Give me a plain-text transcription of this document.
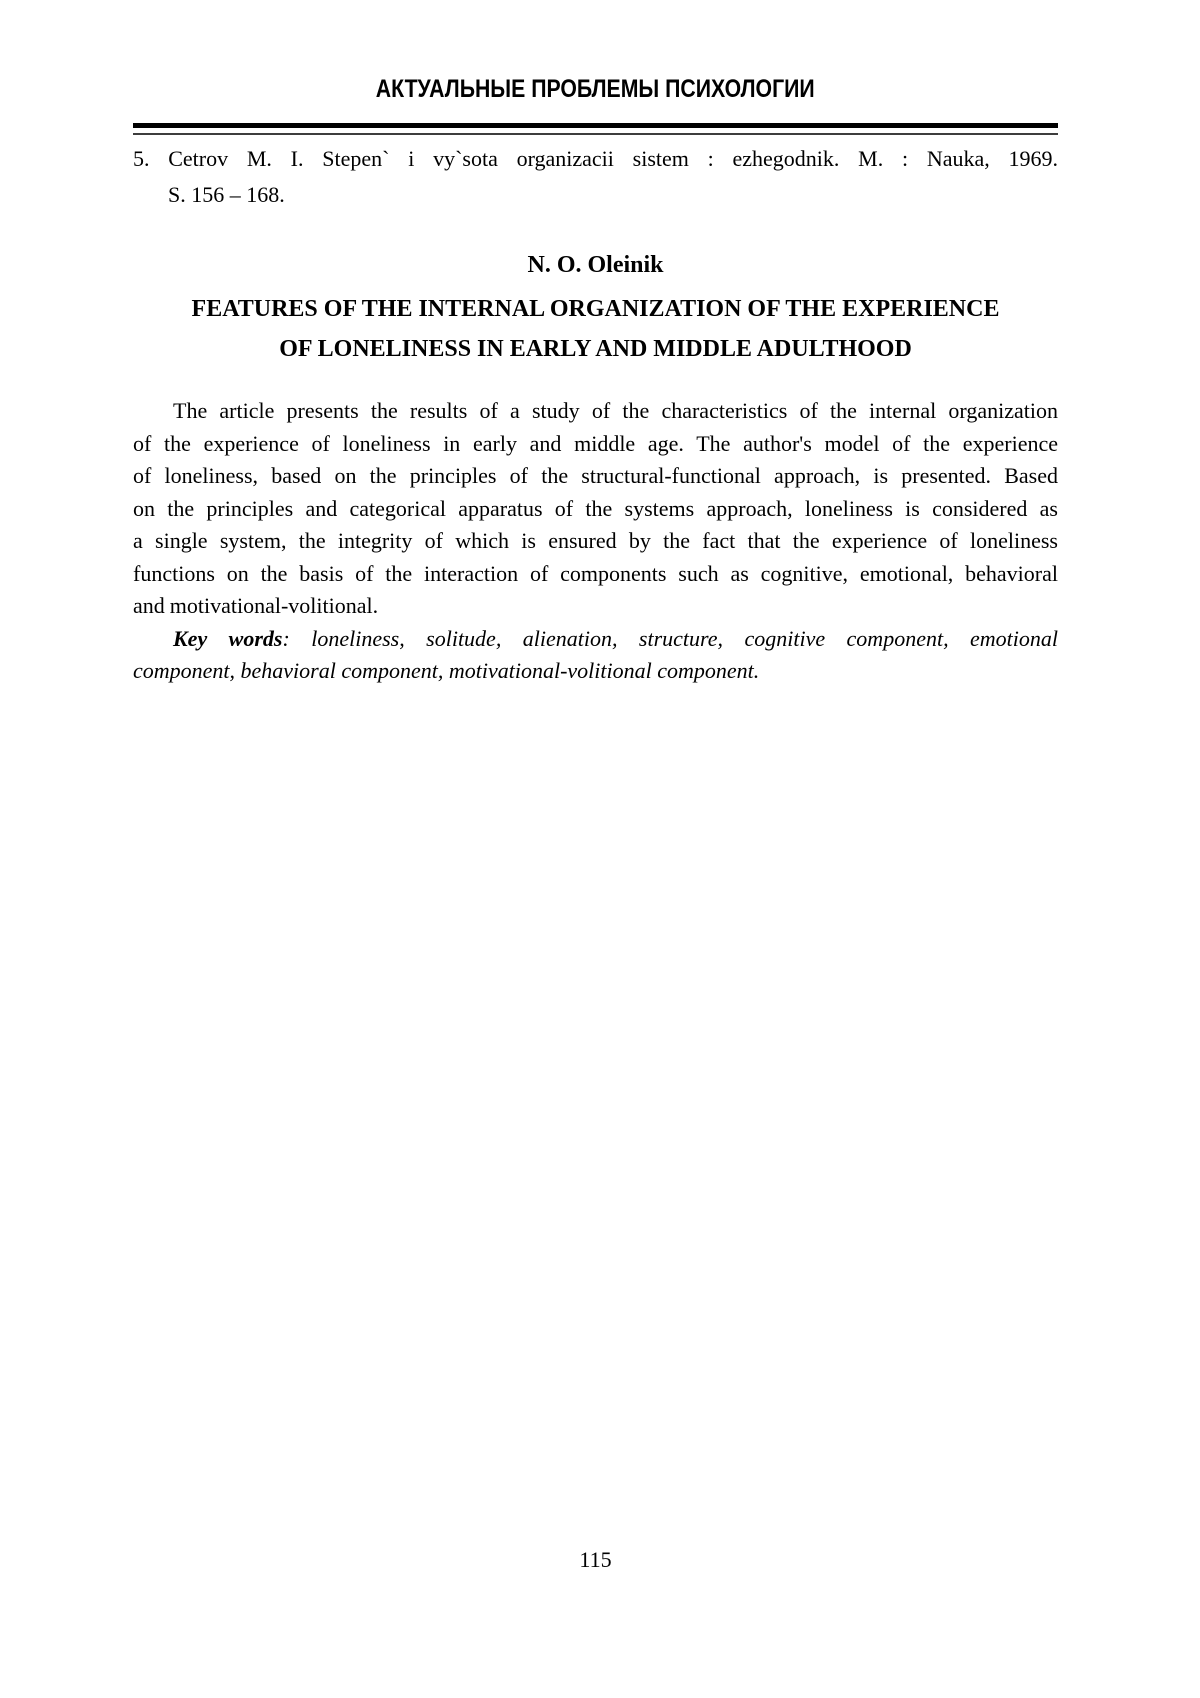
АКТУАЛЬНЫЕ ПРОБЛЕМЫ ПСИХОЛОГИИ
5. Cetrov M. I. Stepen` i vy`sota organizacii sistem : ezhegodnik. M. : Nauka, 1969.
S. 156 – 168.
N. O. Oleinik
FEATURES OF THE INTERNAL ORGANIZATION OF THE EXPERIENCE
OF LONELINESS IN EARLY AND MIDDLE ADULTHOOD
The article presents the results of a study of the characteristics of the internal organization
of the experience of loneliness in early and middle age. The author's model of the experience
of loneliness, based on the principles of the structural-functional approach, is presented. Based
on the principles and categorical apparatus of the systems approach, loneliness is considered as
a single system, the integrity of which is ensured by the fact that the experience of loneliness
functions on the basis of the interaction of components such as cognitive, emotional, behavioral
and motivational-volitional.
Key words: loneliness, solitude, alienation, structure, cognitive component, emotional
component, behavioral component, motivational-volitional component.
115
